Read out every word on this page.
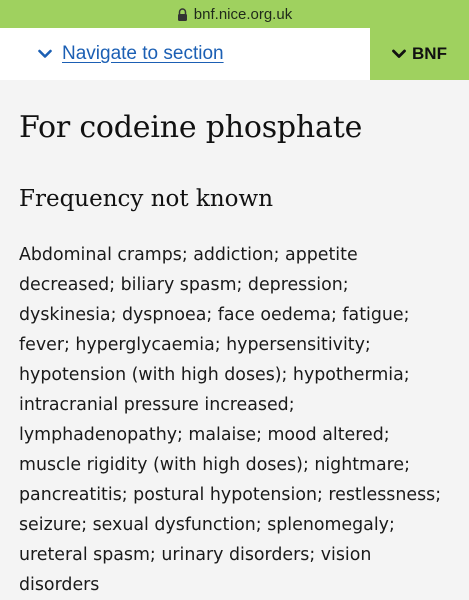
bnf.nice.org.uk
Navigate to section	BNF
For codeine phosphate
Frequency not known

Abdominal cramps; addiction; appetite
decreased; biliary spasm; depression;
dyskinesia; dyspnoea; face oedema; fatigue;
fever; hyperglycaemia; hypersensitivity;
hypotension (with high doses); hypothermia;
intracranial pressure increased;
lymphadenopathy; malaise; mood altered;
muscle rigidity (with high doses); nightmare;
pancreatitis; postural hypotension; restlessness;
seizure; sexual dysfunction; splenomegaly;
ureteral spasm; urinary disorders; vision
disorders
